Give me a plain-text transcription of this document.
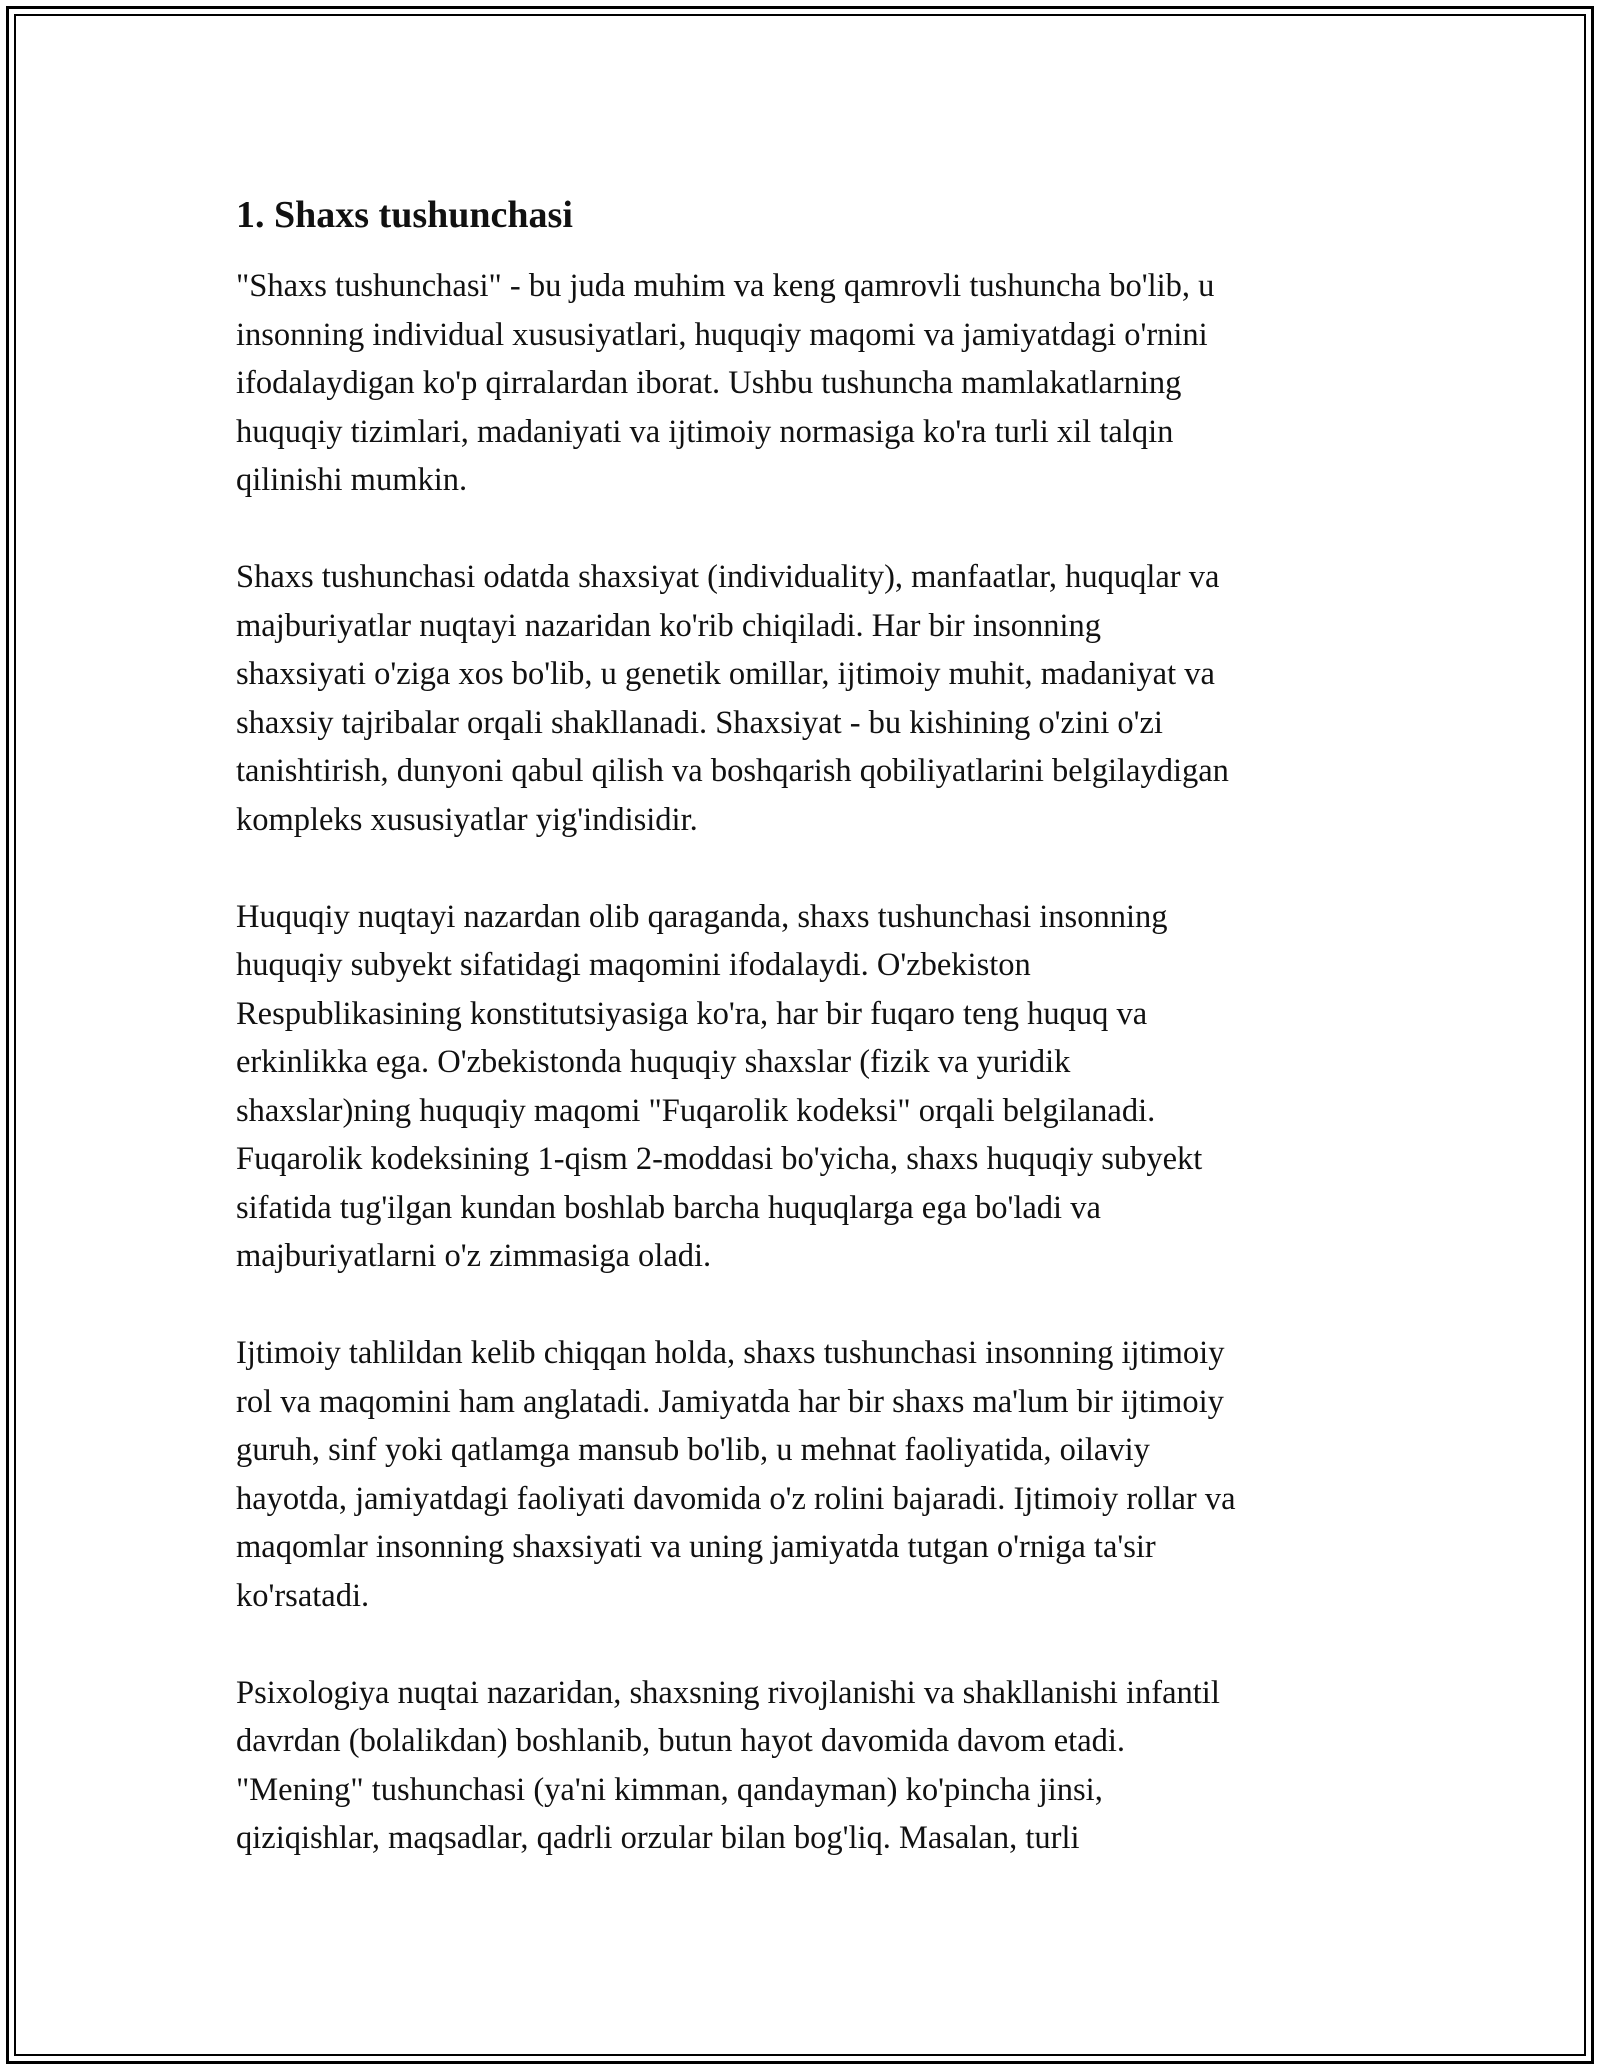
1. Shaxs tushunchasi
"Shaxs tushunchasi" - bu juda muhim va keng qamrovli tushuncha bo'lib, u
insonning individual xususiyatlari, huquqiy maqomi va jamiyatdagi o'rnini
ifodalaydigan ko'p qirralardan iborat. Ushbu tushuncha mamlakatlarning
huquqiy tizimlari, madaniyati va ijtimoiy normasiga ko'ra turli xil talqin
qilinishi mumkin.
Shaxs tushunchasi odatda shaxsiyat (individuality), manfaatlar, huquqlar va
majburiyatlar nuqtayi nazaridan ko'rib chiqiladi. Har bir insonning
shaxsiyati o'ziga xos bo'lib, u genetik omillar, ijtimoiy muhit, madaniyat va
shaxsiy tajribalar orqali shakllanadi. Shaxsiyat - bu kishining o'zini o'zi
tanishtirish, dunyoni qabul qilish va boshqarish qobiliyatlarini belgilaydigan
kompleks xususiyatlar yig'indisidir.
Huquqiy nuqtayi nazardan olib qaraganda, shaxs tushunchasi insonning
huquqiy subyekt sifatidagi maqomini ifodalaydi. O'zbekiston
Respublikasining konstitutsiyasiga ko'ra, har bir fuqaro teng huquq va
erkinlikka ega. O'zbekistonda huquqiy shaxslar (fizik va yuridik
shaxslar)ning huquqiy maqomi "Fuqarolik kodeksi" orqali belgilanadi.
Fuqarolik kodeksining 1-qism 2-moddasi bo'yicha, shaxs huquqiy subyekt
sifatida tug'ilgan kundan boshlab barcha huquqlarga ega bo'ladi va
majburiyatlarni o'z zimmasiga oladi.
Ijtimoiy tahlildan kelib chiqqan holda, shaxs tushunchasi insonning ijtimoiy
rol va maqomini ham anglatadi. Jamiyatda har bir shaxs ma'lum bir ijtimoiy
guruh, sinf yoki qatlamga mansub bo'lib, u mehnat faoliyatida, oilaviy
hayotda, jamiyatdagi faoliyati davomida o'z rolini bajaradi. Ijtimoiy rollar va
maqomlar insonning shaxsiyati va uning jamiyatda tutgan o'rniga ta'sir
ko'rsatadi.
Psixologiya nuqtai nazaridan, shaxsning rivojlanishi va shakllanishi infantil
davrdan (bolalikdan) boshlanib, butun hayot davomida davom etadi.
"Mening" tushunchasi (ya'ni kimman, qandayman) ko'pincha jinsi,
qiziqishlar, maqsadlar, qadrli orzular bilan bog'liq. Masalan, turli
